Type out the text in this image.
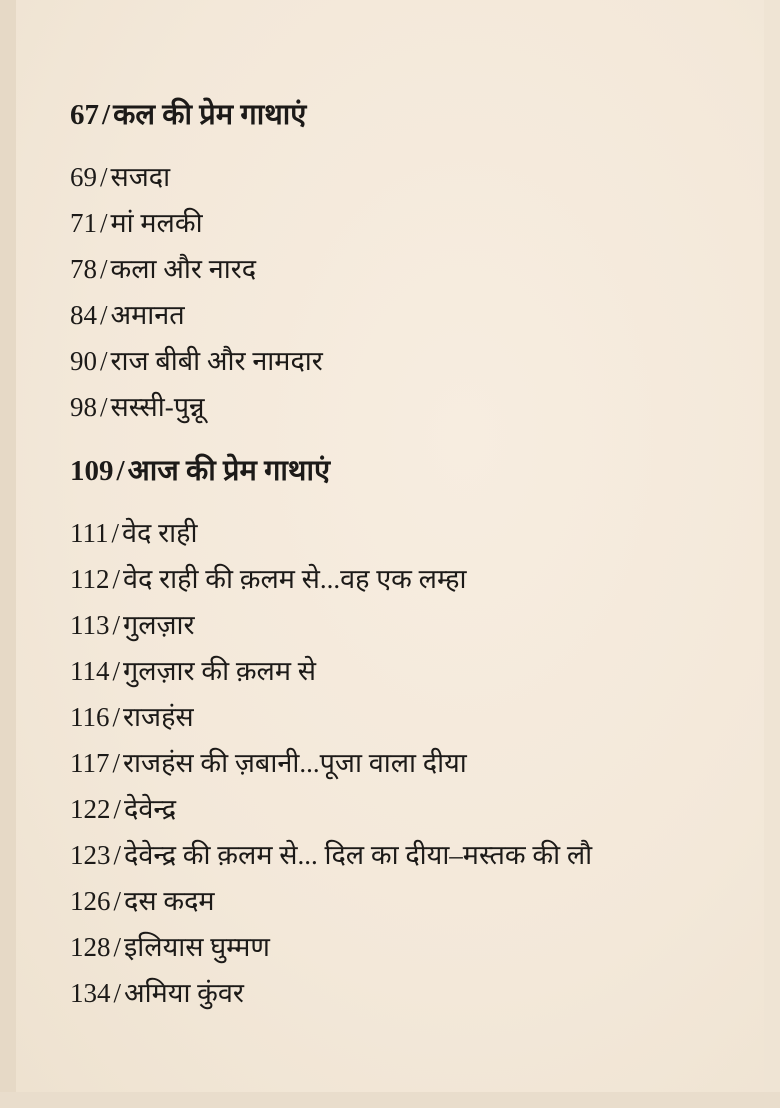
67 / कल की प्रेम गाथाएं
69 / सजदा
71 / मां मलकी
78 / कला और नारद
84 / अमानत
90 / राज बीबी और नामदार
98 / सस्सी-पुन्नू
109 / आज की प्रेम गाथाएं
111 / वेद राही
112 / वेद राही की क़लम से...वह एक लम्हा
113 / गुलज़ार
114 / गुलज़ार की क़लम से
116 / राजहंस
117 / राजहंस की ज़बानी...पूजा वाला दीया
122 / देवेन्द्र
123 / देवेन्द्र की क़लम से... दिल का दीया–मस्तक की लौ
126 / दस कदम
128 / इलियास घुम्मण
134 / अमिया कुंवर
